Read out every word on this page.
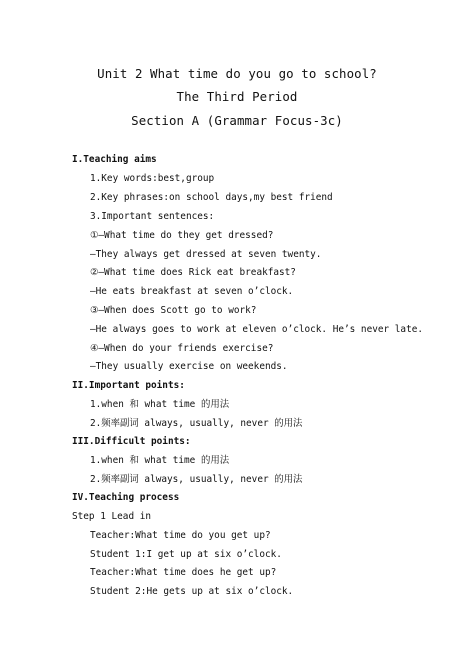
Unit 2 What time do you go to school?
The Third Period
Section A (Grammar Focus-3c)
I.Teaching aims
1.Key words:best,group
2.Key phrases:on school days,my best friend
3.Important sentences:
①—What time do they get dressed?
—They always get dressed at seven twenty.
②—What time does Rick eat breakfast?
—He eats breakfast at seven o’clock.
③—When does Scott go to work?
—He always goes to work at eleven o’clock. He’s never late.
④—When do your friends exercise?
—They usually exercise on weekends.
II.Important points:
1.when 和 what time 的用法
2.频率副词 always, usually, never 的用法
III.Difficult points:
1.when 和 what time 的用法
2.频率副词 always, usually, never 的用法
IV.Teaching process
Step 1 Lead in
Teacher:What time do you get up?
Student 1:I get up at six o’clock.
Teacher:What time does he get up?
Student 2:He gets up at six o’clock.
